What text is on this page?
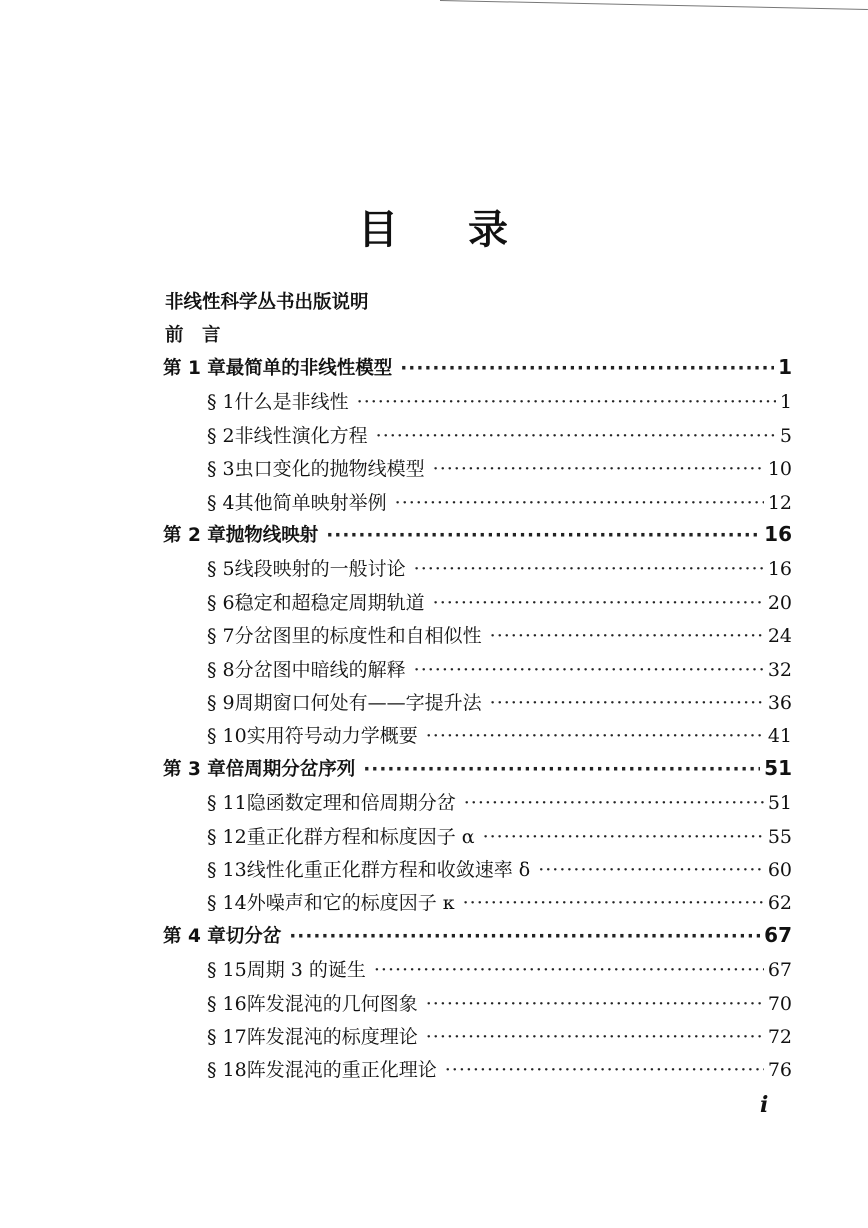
目 录
非线性科学丛书出版说明
前　言
第 1 章 最简单的非线性模型 ·····	1
§ 1 什么是非线性 ·····	1
§ 2 非线性演化方程 ·····	5
§ 3 虫口变化的抛物线模型 ·····	10
§ 4 其他简单映射举例 ·····	12
第 2 章 抛物线映射 ·····	16
§ 5 线段映射的一般讨论 ·····	16
§ 6 稳定和超稳定周期轨道 ·····	20
§ 7 分岔图里的标度性和自相似性 ·····	24
§ 8 分岔图中暗线的解释 ·····	32
§ 9 周期窗口何处有——字提升法 ·····	36
§ 10 实用符号动力学概要 ·····	41
第 3 章 倍周期分岔序列 ·····	51
§ 11 隐函数定理和倍周期分岔 ·····	51
§ 12 重正化群方程和标度因子 α ·····	55
§ 13 线性化重正化群方程和收敛速率 δ ·····	60
§ 14 外噪声和它的标度因子 κ ·····	62
第 4 章 切分岔 ·····	67
§ 15 周期 3 的诞生 ·····	67
§ 16 阵发混沌的几何图象 ·····	70
§ 17 阵发混沌的标度理论 ·····	72
§ 18 阵发混沌的重正化理论 ·····	76
i
